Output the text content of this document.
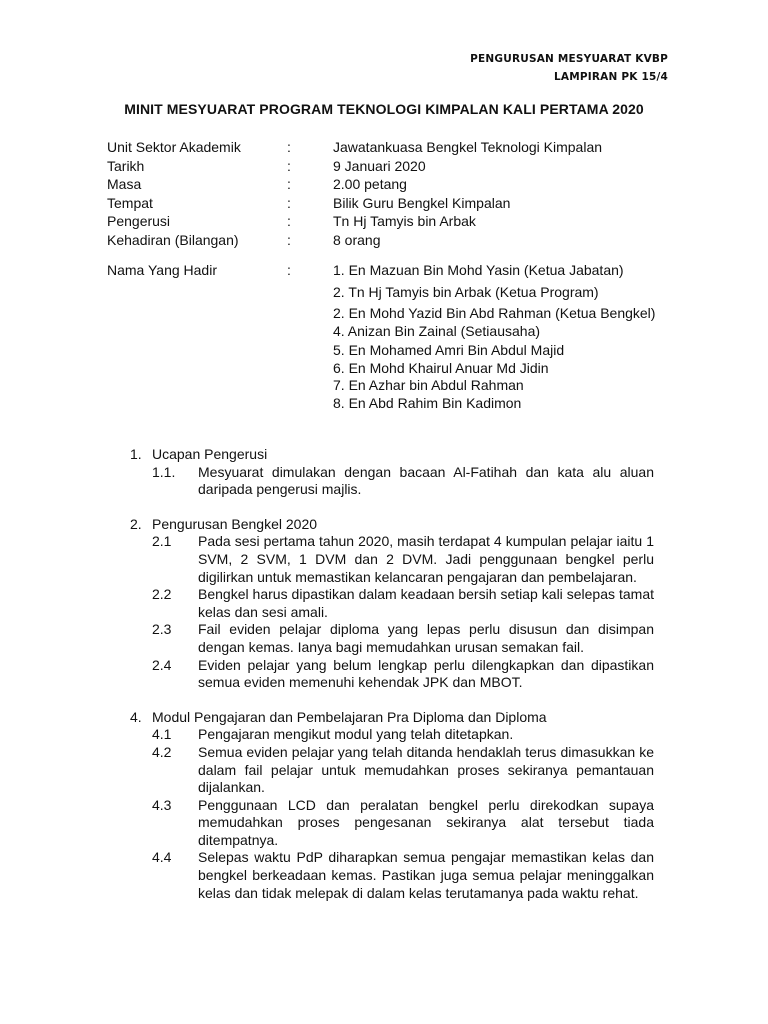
PENGURUSAN MESYUARAT KVBP
LAMPIRAN PK 15/4
MINIT MESYUARAT PROGRAM TEKNOLOGI KIMPALAN KALI PERTAMA 2020
Unit Sektor Akademik	:	Jawatankuasa Bengkel Teknologi Kimpalan
Tarikh	:	9 Januari 2020
Masa	:	2.00 petang
Tempat	:	Bilik Guru Bengkel Kimpalan
Pengerusi	:	Tn Hj Tamyis bin Arbak
Kehadiran (Bilangan)	:	8 orang
Nama Yang Hadir	:	1. En Mazuan Bin Mohd Yasin (Ketua Jabatan)
2. Tn Hj Tamyis bin Arbak (Ketua Program)
2. En Mohd Yazid Bin Abd Rahman (Ketua Bengkel)
4. Anizan Bin Zainal (Setiausaha)
5. En Mohamed Amri Bin Abdul Majid
6. En Mohd Khairul Anuar Md Jidin
7. En Azhar bin Abdul Rahman
8. En Abd Rahim Bin Kadimon
1. Ucapan Pengerusi
1.1.	Mesyuarat dimulakan dengan bacaan Al-Fatihah dan kata alu aluan daripada pengerusi majlis.
2. Pengurusan Bengkel 2020
2.1	Pada sesi pertama tahun 2020, masih terdapat 4 kumpulan pelajar iaitu 1 SVM, 2 SVM, 1 DVM dan 2 DVM. Jadi penggunaan bengkel perlu digilirkan untuk memastikan kelancaran pengajaran dan pembelajaran.
2.2	Bengkel harus dipastikan dalam keadaan bersih setiap kali selepas tamat kelas dan sesi amali.
2.3	Fail eviden pelajar diploma yang lepas perlu disusun dan disimpan dengan kemas. Ianya bagi memudahkan urusan semakan fail.
2.4	Eviden pelajar yang belum lengkap perlu dilengkapkan dan dipastikan semua eviden memenuhi kehendak JPK dan MBOT.
4. Modul Pengajaran dan Pembelajaran Pra Diploma dan Diploma
4.1	Pengajaran mengikut modul yang telah ditetapkan.
4.2	Semua eviden pelajar yang telah ditanda hendaklah terus dimasukkan ke dalam fail pelajar untuk memudahkan proses sekiranya pemantauan dijalankan.
4.3	Penggunaan LCD dan peralatan bengkel perlu direkodkan supaya memudahkan proses pengesanan sekiranya alat tersebut tiada ditempatnya.
4.4	Selepas waktu PdP diharapkan semua pengajar memastikan kelas dan bengkel berkeadaan kemas. Pastikan juga semua pelajar meninggalkan kelas dan tidak melepak di dalam kelas terutamanya pada waktu rehat.
